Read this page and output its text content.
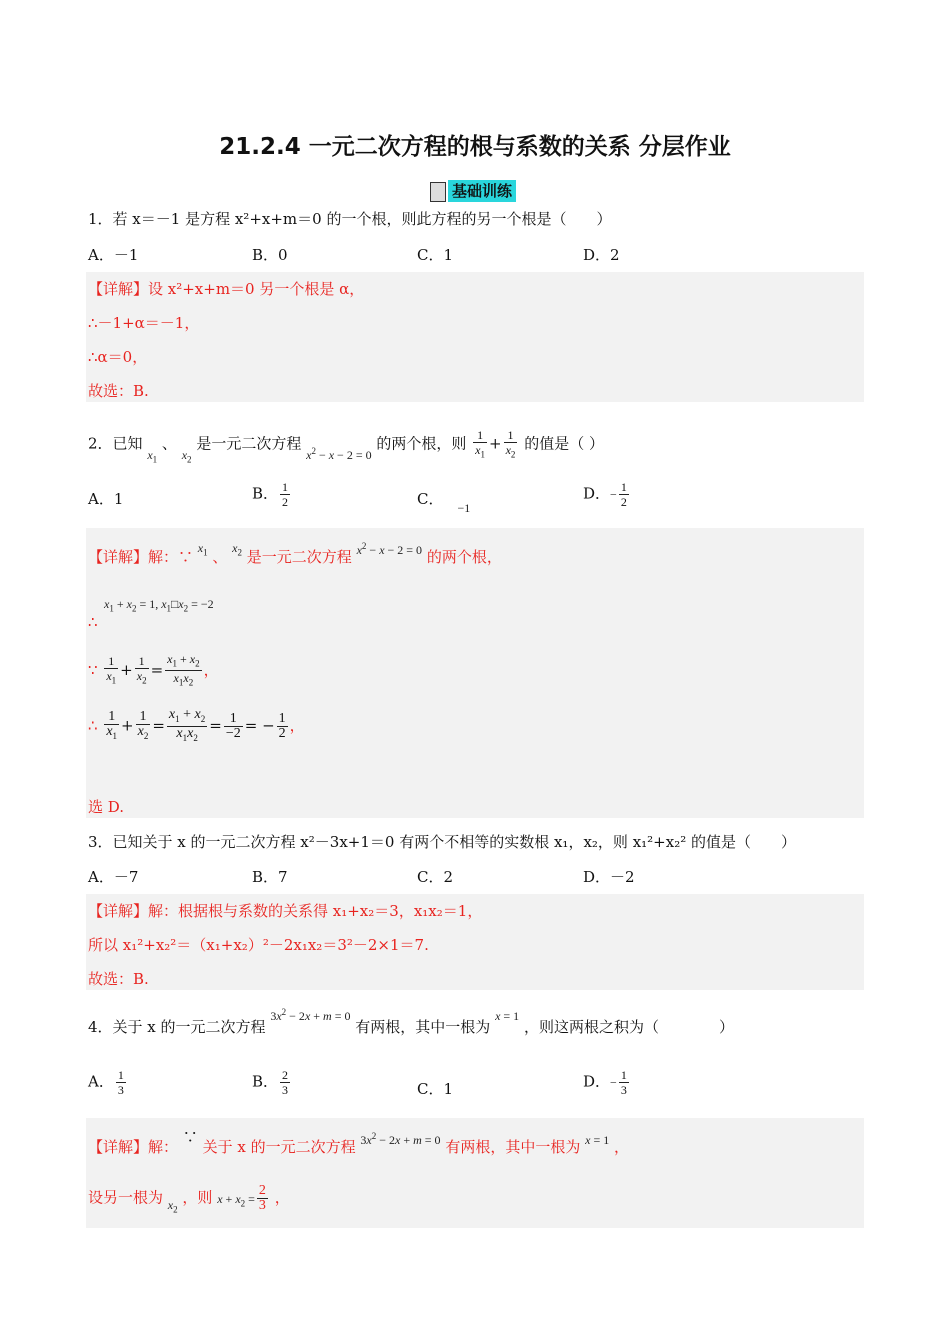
21.2.4 一元二次方程的根与系数的关系 分层作业
基础训练
1．若 x＝－1 是方程 x²+x+m＝0 的一个根，则此方程的另一个根是（　　）
A．－1	B．0	C．1	D．2
【详解】设 x²+x+m＝0 另一个根是 α，
∴－1+α＝－1，
∴α＝0，
故选：B.
2．已知 $_{x_1}$ 、 $_{x_2}$ 是一元二次方程 $_{x^2 - x - 2 = 0}$ 的两个根，则 $\frac{1}{x_1} + \frac{1}{x_2}$ 的值是（ ）
A．1	B． $\frac{1}{2}$	C． $_{-1}$
D．− $\frac{1}{2}$
【详解】解：∵ $^{x_1}$ 、 $^{x_2}$ 是一元二次方程 $^{x^2 - x - 2 = 0}$ 的两个根，
$x_1 + x_2 = 1$, $x_1□x_2 = -2$
∴
∵ $\frac{1}{x_1} + \frac{1}{x_2} = \frac{x_1 + x_2}{x_1x_2}$ ，
∴ $\frac{1}{x_1} + \frac{1}{x_2} = \frac{x_1 + x_2}{x_1x_2} = \frac{1}{-2}$ = − $\frac{1}{2}$ ，
选 D.
3．已知关于 x 的一元二次方程 x²－3x+1＝0 有两个不相等的实数根 x₁，x₂，则 x₁²+x₂² 的值是（　　）
A．－7	B．7	C．2	D．－2
【详解】解：根据根与系数的关系得 x₁+x₂＝3，x₁x₂＝1，
所以 x₁²+x₂²＝（x₁+x₂）²－2x₁x₂＝3²－2×1＝7.
故选：B.
4．关于 x 的一元二次方程 $^{3x^2 - 2x + m = 0}$ 有两根，其中一根为 $^{x = 1}$ ，则这两根之积为（　　　　）
A． $\frac{1}{3}$	B． $\frac{2}{3}$	C．1	D．− $\frac{1}{3}$
【详解】解： ∵ 关于 x 的一元二次方程 $^{3x^2 - 2x + m = 0}$ 有两根，其中一根为 $^{x = 1}$ ，
设另一根为 $_{x_2}$ ，则 $x + x_2 = \frac{2}{3}$ ，
